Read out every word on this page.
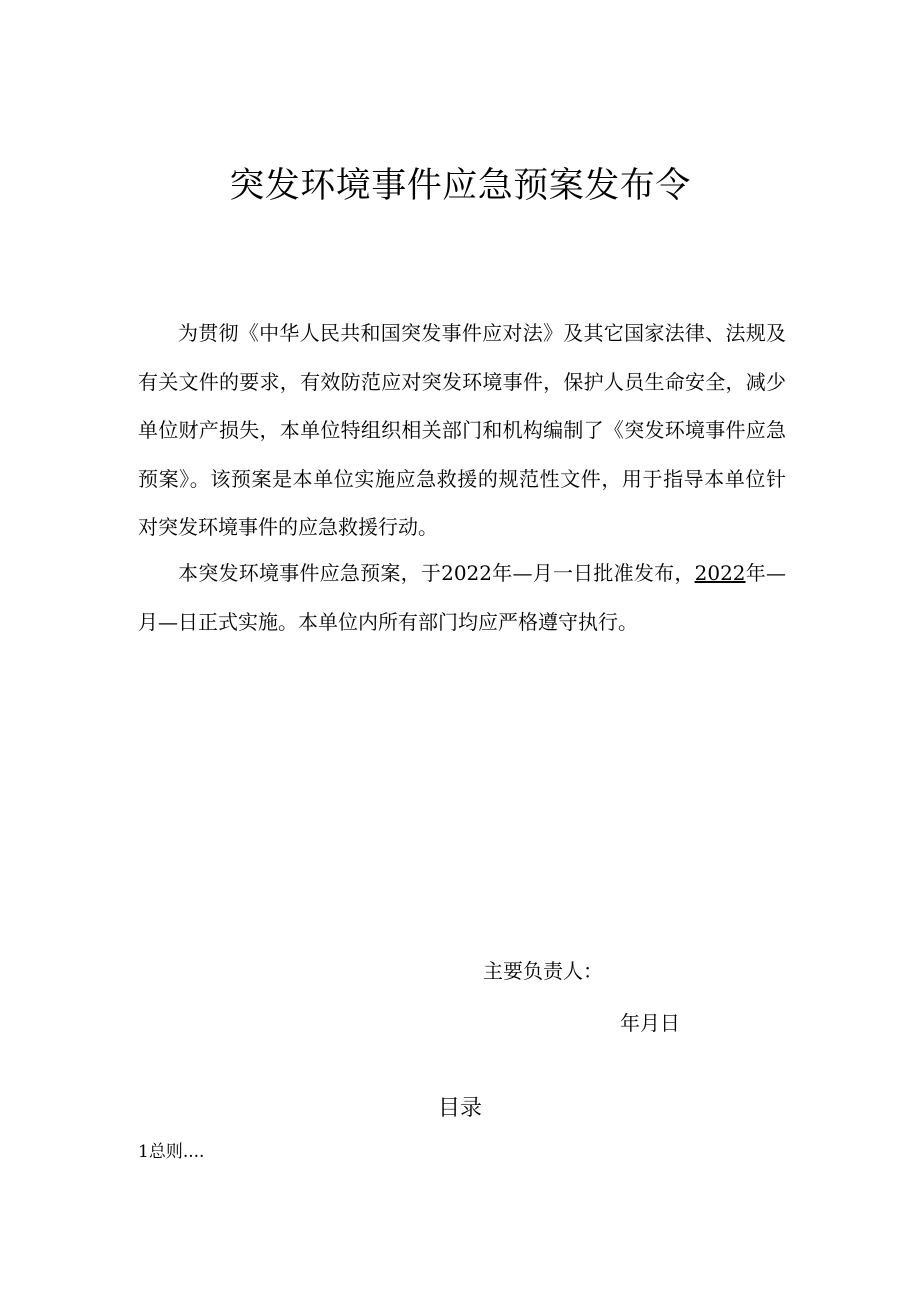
突发环境事件应急预案发布令

为贯彻《中华人民共和国突发事件应对法》及其它国家法律、法规及有关文件的要求，有效防范应对突发环境事件，保护人员生命安全，减少单位财产损失，本单位特组织相关部门和机构编制了《突发环境事件应急预案》。该预案是本单位实施应急救援的规范性文件，用于指导本单位针对突发环境事件的应急救援行动。

本突发环境事件应急预案，于2022年—月一日批准发布，2022年—月—日正式实施。本单位内所有部门均应严格遵守执行。

主要负责人：

年月日

目录

1总则....
